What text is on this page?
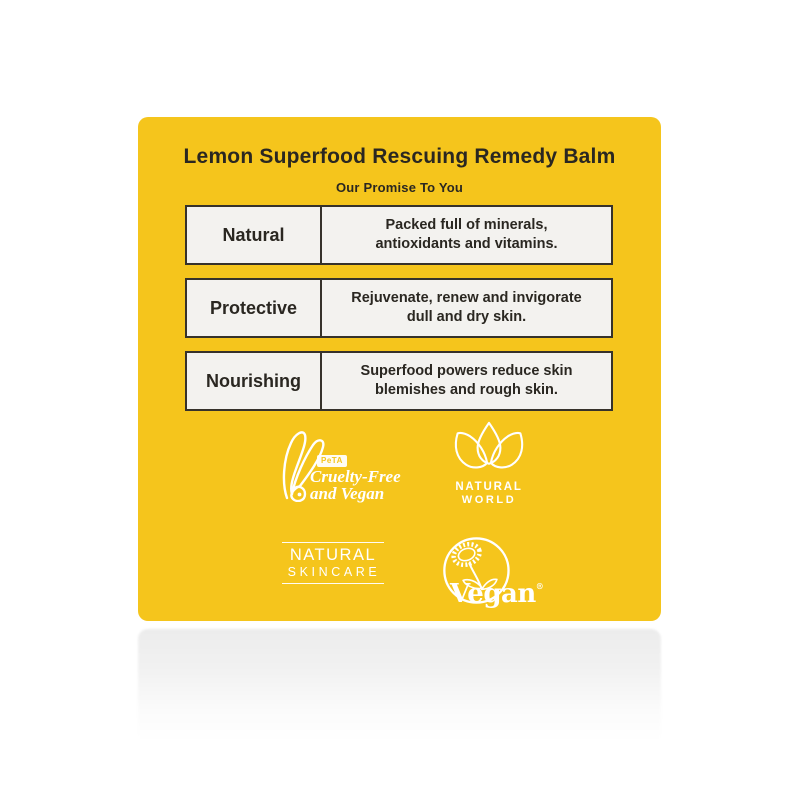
Lemon Superfood Rescuing Remedy Balm
Our Promise To You
Natural	Packed full of minerals,
antioxidants and vitamins.
Protective	Rejuvenate, renew and invigorate
dull and dry skin.
Nourishing	Superfood powers reduce skin
blemishes and rough skin.
PeTA
Cruelty-Free
and Vegan	NATURAL
WORLD
NATURAL
SKINCARE
Vegan®
